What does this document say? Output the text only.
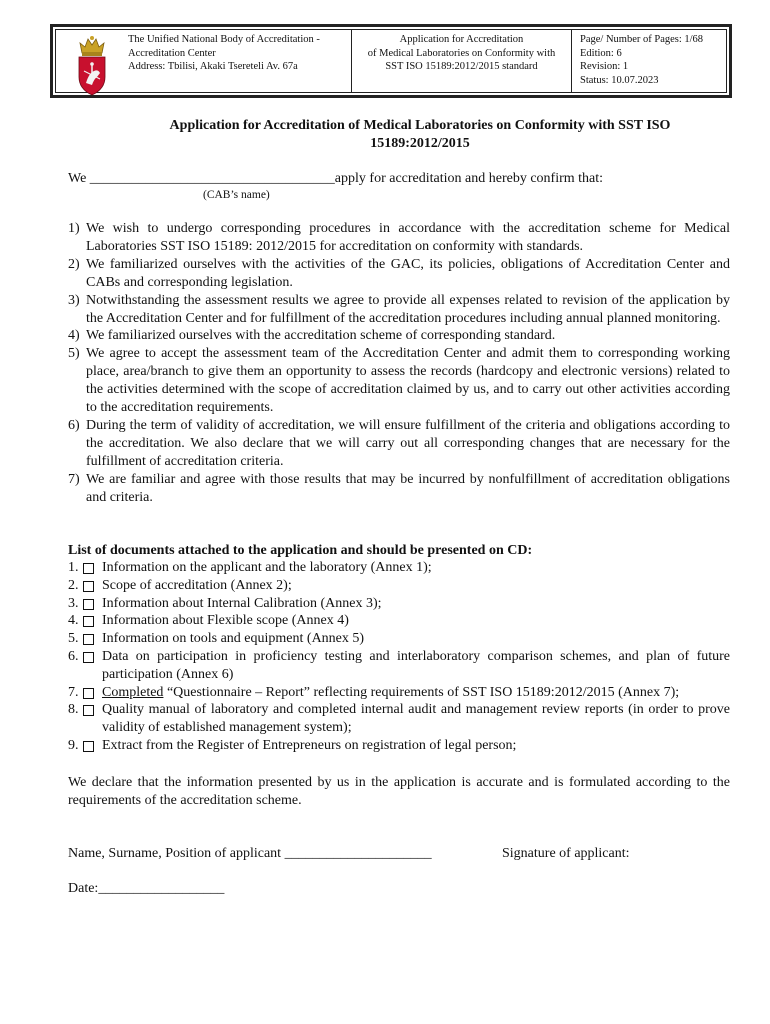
The Unified National Body of Accreditation -
Accreditation Center
Address: Tbilisi, Akaki Tsereteli Av. 67a
Application for Accreditation
of Medical Laboratories on Conformity with
SST ISO 15189:2012/2015 standard
Page/ Number of Pages: 1/68
Edition: 6
Revision: 1
Status: 10.07.2023
Application for Accreditation of Medical Laboratories on Conformity with SST ISO
15189:2012/2015
We ___________________________________apply for accreditation and hereby confirm that:
(CAB’s name)
1) We wish to undergo corresponding procedures in accordance with the accreditation scheme for Medical Laboratories SST ISO 15189: 2012/2015 for accreditation on conformity with standards.
2) We familiarized ourselves with the activities of the GAC, its policies, obligations of Accreditation Center and CABs and corresponding legislation.
3) Notwithstanding the assessment results we agree to provide all expenses related to revision of the application by the Accreditation Center and for fulfillment of the accreditation procedures including annual planned monitoring.
4) We familiarized ourselves with the accreditation scheme of corresponding standard.
5) We agree to accept the assessment team of the Accreditation Center and admit them to corresponding working place, area/branch to give them an opportunity to assess the records (hardcopy and electronic versions) related to the activities determined with the scope of accreditation claimed by us, and to carry out other activities according to the accreditation requirements.
6) During the term of validity of accreditation, we will ensure fulfillment of the criteria and obligations according to the accreditation. We also declare that we will carry out all corresponding changes that are necessary for the fulfillment of accreditation criteria.
7) We are familiar and agree with those results that may be incurred by nonfulfillment of accreditation obligations and criteria.
List of documents attached to the application and should be presented on CD:
1. Information on the applicant and the laboratory (Annex 1);
2. Scope of accreditation (Annex 2);
3. Information about Internal Calibration (Annex 3);
4. Information about Flexible scope (Annex 4)
5. Information on tools and equipment (Annex 5)
6. Data on participation in proficiency testing and interlaboratory comparison schemes, and plan of future participation (Annex 6)
7. Completed “Questionnaire – Report” reflecting requirements of SST ISO 15189:2012/2015 (Annex 7);
8. Quality manual of laboratory and completed internal audit and management review reports (in order to prove validity of established management system);
9. Extract from the Register of Entrepreneurs on registration of legal person;
We declare that the information presented by us in the application is accurate and is formulated according to the requirements of the accreditation scheme.
Name, Surname, Position of applicant _____________________	Signature of applicant:
Date:__________________
